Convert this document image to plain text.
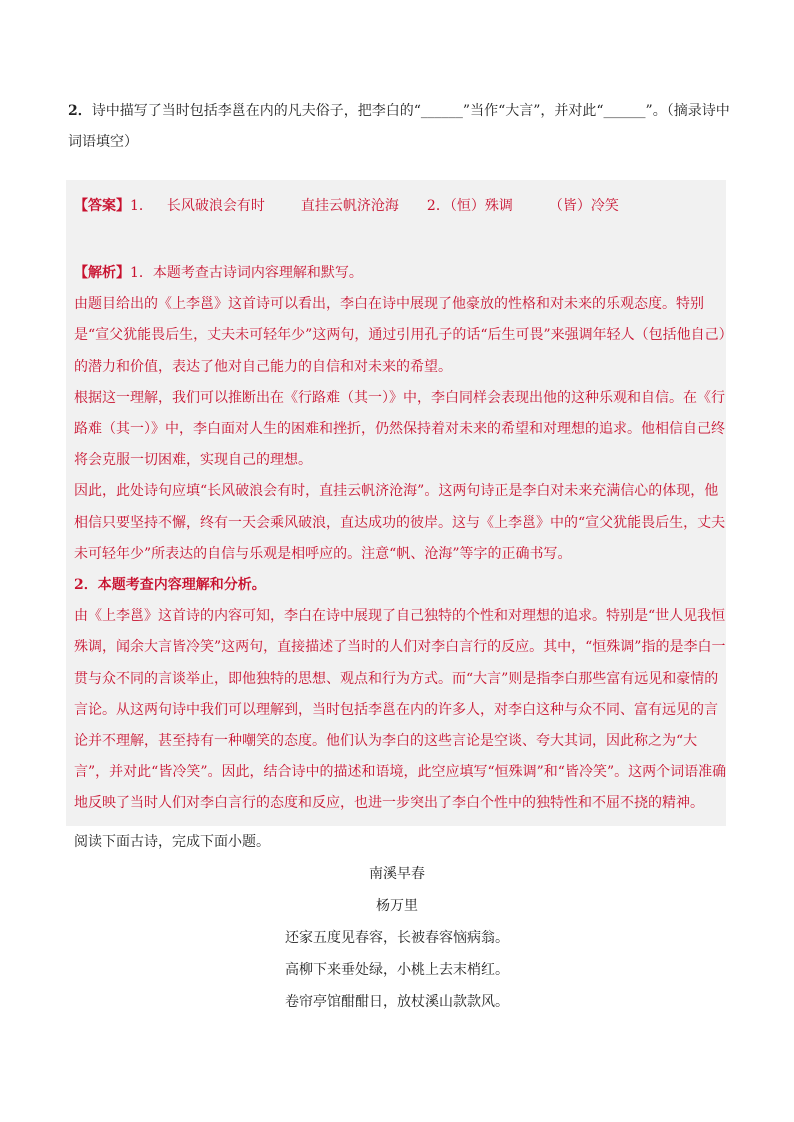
2．诗中描写了当时包括李邕在内的凡夫俗子，把李白的“______”当作“大言”，并对此“______”。（摘录诗中词语填空）

【答案】1． 长风破浪会有时	直挂云帆济沧海 2．（恒）殊调	（皆）冷笑

【解析】1．本题考查古诗词内容理解和默写。

由题目给出的《上李邕》这首诗可以看出，李白在诗中展现了他豪放的性格和对未来的乐观态度。特别是“宣父犹能畏后生，丈夫未可轻年少”这两句，通过引用孔子的话“后生可畏”来强调年轻人（包括他自己）的潜力和价值，表达了他对自己能力的自信和对未来的希望。

根据这一理解，我们可以推断出在《行路难（其一）》中，李白同样会表现出他的这种乐观和自信。在《行路难（其一）》中，李白面对人生的困难和挫折，仍然保持着对未来的希望和对理想的追求。他相信自己终将会克服一切困难，实现自己的理想。

因此，此处诗句应填“长风破浪会有时，直挂云帆济沧海”。这两句诗正是李白对未来充满信心的体现，他相信只要坚持不懈，终有一天会乘风破浪，直达成功的彼岸。这与《上李邕》中的“宣父犹能畏后生，丈夫未可轻年少”所表达的自信与乐观是相呼应的。注意“帆、沧海”等字的正确书写。

2．本题考查内容理解和分析。

由《上李邕》这首诗的内容可知，李白在诗中展现了自己独特的个性和对理想的追求。特别是“世人见我恒殊调，闻余大言皆冷笑”这两句，直接描述了当时的人们对李白言行的反应。其中，“恒殊调”指的是李白一贯与众不同的言谈举止，即他独特的思想、观点和行为方式。而“大言”则是指李白那些富有远见和豪情的言论。从这两句诗中我们可以理解到，当时包括李邕在内的许多人，对李白这种与众不同、富有远见的言论并不理解，甚至持有一种嘲笑的态度。他们认为李白的这些言论是空谈、夸大其词，因此称之为“大言”，并对此“皆冷笑”。因此，结合诗中的描述和语境，此空应填写“恒殊调”和“皆冷笑”。这两个词语准确地反映了当时人们对李白言行的态度和反应，也进一步突出了李白个性中的独特性和不屈不挠的精神。

阅读下面古诗，完成下面小题。

南溪早春
杨万里
还家五度见春容，长被春容恼病翁。
高柳下来垂处绿，小桃上去末梢红。
卷帘亭馆酣酣日，放杖溪山款款风。
